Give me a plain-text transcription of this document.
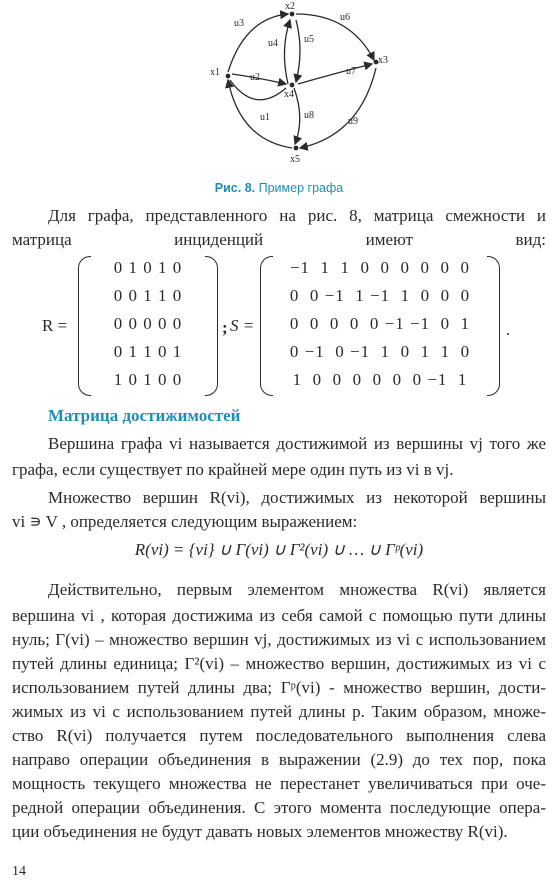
x2
x1
x3
x4
x5
u3
u6
u4	u5
u2
u7
u1	u8
u9
Рис. 8. Пример графа
Для графа, представленного на рис. 8, матрица смежности и матрица инциденций имеют вид:
R =
0 1 0 1 0
0 0 1 1 0
0 0 0 0 0
0 1 1 0 1
1 0 1 0 0
; S =
−1  1  1  0  0  0  0  0  0
0  0 −1  1 −1  1  0  0  0
0  0  0  0  0 −1 −1  0  1
0 −1  0 −1  1  0  1  1  0
1  0  0  0  0  0  0 −1  1
.
Матрица достижимостей
Вершина графа vi называется достижимой из вершины vj того же
графа, если существует по крайней мере один путь из vi в vj.
Множество вершин R(vi), достижимых из некоторой вершины
vi ∍ V , определяется следующим выражением:
R(vi) = {vi} ∪ Γ(vi) ∪ Γ²(vi) ∪ … ∪ Γᵖ(vi)
Действительно, первым элементом множества R(vi) является
вершина vi , которая достижима из себя самой с помощью пути длины
нуль; Γ(vi) – множество вершин vj, достижимых из vi с использованием
путей длины единица; Γ²(vi) – множество вершин, достижимых из vi с
использованием путей длины два; Γᵖ(vi) - множество вершин, дости-
жимых из vi с использованием путей длины p. Таким образом, множе-
ство R(vi) получается путем последовательного выполнения слева
направо операции объединения в выражении (2.9) до тех пор, пока
мощность текущего множества не перестанет увеличиваться при оче-
редной операции объединения. С этого момента последующие опера-
ции объединения не будут давать новых элементов множеству R(vi).
14
